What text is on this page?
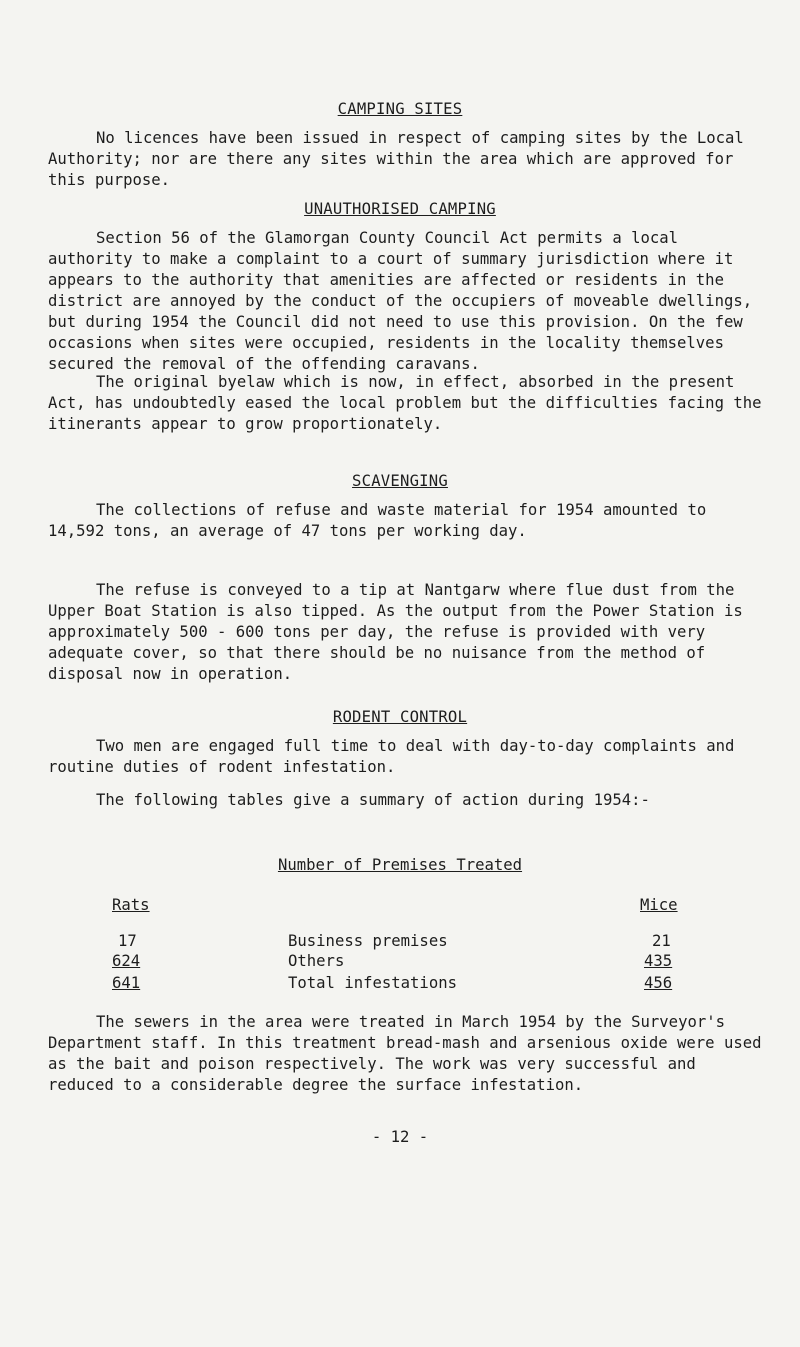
CAMPING SITES

No licences have been issued in respect of camping sites by the Local Authority; nor are there any sites within the area which are approved for this purpose.

UNAUTHORISED CAMPING

Section 56 of the Glamorgan County Council Act permits a local authority to make a complaint to a court of summary jurisdiction where it appears to the authority that amenities are affected or residents in the district are annoyed by the conduct of the occupiers of moveable dwellings, but during 1954 the Council did not need to use this provision. On the few occasions when sites were occupied, residents in the locality themselves secured the removal of the offending caravans.

The original byelaw which is now, in effect, absorbed in the present Act, has undoubtedly eased the local problem but the difficulties facing the itinerants appear to grow proportionately.

SCAVENGING

The collections of refuse and waste material for 1954 amounted to 14,592 tons, an average of 47 tons per working day.

The refuse is conveyed to a tip at Nantgarw where flue dust from the Upper Boat Station is also tipped. As the output from the Power Station is approximately 500 - 600 tons per day, the refuse is provided with very adequate cover, so that there should be no nuisance from the method of disposal now in operation.

RODENT CONTROL

Two men are engaged full time to deal with day-to-day complaints and routine duties of rodent infestation.

The following tables give a summary of action during 1954:-

Number of Premises Treated
Rats	Mice
17	Business premises	21
624	Others	435
641	Total infestations	456

The sewers in the area were treated in March 1954 by the Surveyor's Department staff. In this treatment bread-mash and arsenious oxide were used as the bait and poison respectively. The work was very successful and reduced to a considerable degree the surface infestation.

- 12 -
